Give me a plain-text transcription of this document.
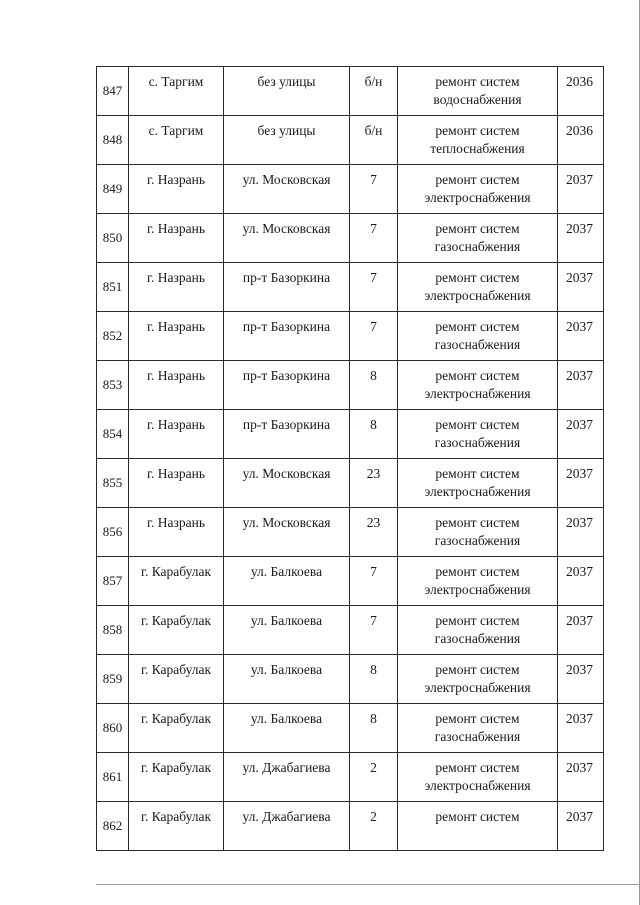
847	с. Таргим	без улицы	б/н	ремонт систем водоснабжения	2036
848	с. Таргим	без улицы	б/н	ремонт систем теплоснабжения	2036
849	г. Назрань	ул. Московская	7	ремонт систем электроснабжения	2037
850	г. Назрань	ул. Московская	7	ремонт систем газоснабжения	2037
851	г. Назрань	пр-т Базоркина	7	ремонт систем электроснабжения	2037
852	г. Назрань	пр-т Базоркина	7	ремонт систем газоснабжения	2037
853	г. Назрань	пр-т Базоркина	8	ремонт систем электроснабжения	2037
854	г. Назрань	пр-т Базоркина	8	ремонт систем газоснабжения	2037
855	г. Назрань	ул. Московская	23	ремонт систем электроснабжения	2037
856	г. Назрань	ул. Московская	23	ремонт систем газоснабжения	2037
857	г. Карабулак	ул. Балкоева	7	ремонт систем электроснабжения	2037
858	г. Карабулак	ул. Балкоева	7	ремонт систем газоснабжения	2037
859	г. Карабулак	ул. Балкоева	8	ремонт систем электроснабжения	2037
860	г. Карабулак	ул. Балкоева	8	ремонт систем газоснабжения	2037
861	г. Карабулак	ул. Джабагиева	2	ремонт систем электроснабжения	2037
862	г. Карабулак	ул. Джабагиева	2	ремонт систем	2037
